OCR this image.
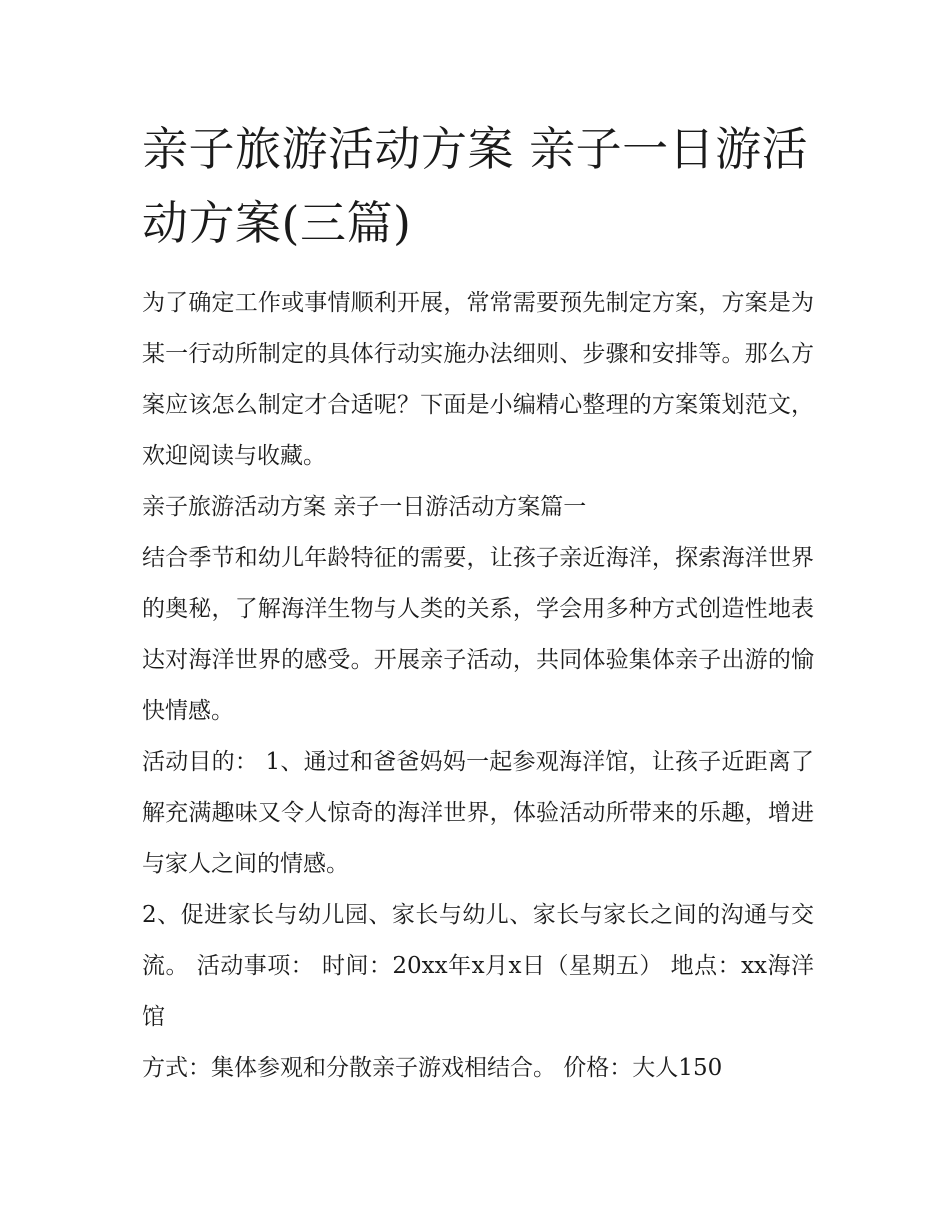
亲子旅游活动方案 亲子一日游活动方案(三篇)

为了确定工作或事情顺利开展，常常需要预先制定方案，方案是为某一行动所制定的具体行动实施办法细则、步骤和安排等。那么方案应该怎么制定才合适呢？下面是小编精心整理的方案策划范文，欢迎阅读与收藏。

亲子旅游活动方案 亲子一日游活动方案篇一

结合季节和幼儿年龄特征的需要，让孩子亲近海洋，探索海洋世界的奥秘，了解海洋生物与人类的关系，学会用多种方式创造性地表达对海洋世界的感受。开展亲子活动，共同体验集体亲子出游的愉快情感。

活动目的： 1、通过和爸爸妈妈一起参观海洋馆，让孩子近距离了解充满趣味又令人惊奇的海洋世界，体验活动所带来的乐趣，增进与家人之间的情感。

2、促进家长与幼儿园、家长与幼儿、家长与家长之间的沟通与交流。 活动事项： 时间：20xx年x月x日（星期五） 地点：xx海洋馆

方式：集体参观和分散亲子游戏相结合。 价格：大人150
